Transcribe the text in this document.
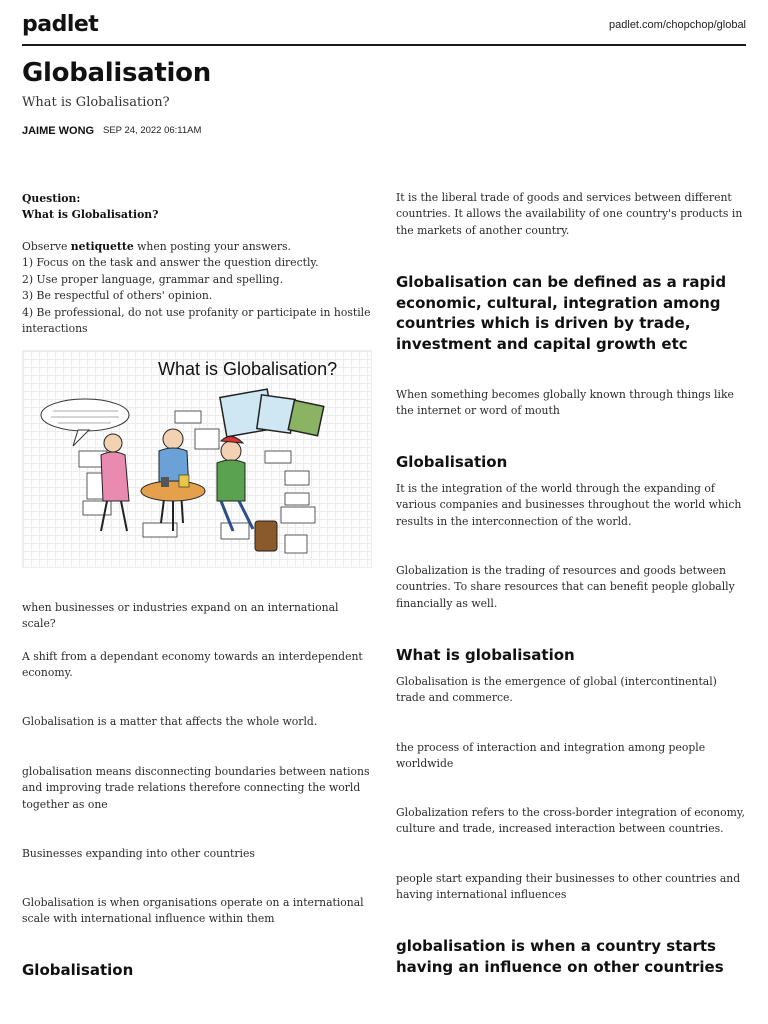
padlet	padlet.com/chopchop/global
Globalisation
What is Globalisation?
JAIME WONG SEP 24, 2022 06:11AM
Question:
What is Globalisation?
Observe netiquette when posting your answers.
1) Focus on the task and answer the question directly.
2) Use proper language, grammar and spelling.
3) Be respectful of others' opinion.
4) Be professional, do not use profanity or participate in hostile interactions
What is Globalisation?
when businesses or industries expand on an international scale?
A shift from a dependant economy towards an interdependent economy.
Globalisation is a matter that affects the whole world.
globalisation means disconnecting boundaries between nations and improving trade relations therefore connecting the world together as one
Businesses expanding into other countries
Globalisation is when organisations operate on a international scale with international influence within them
Globalisation
It is the liberal trade of goods and services between different countries. It allows the availability of one country's products in the markets of another country.
Globalisation can be defined as a rapid economic, cultural, integration among countries which is driven by trade, investment and capital growth etc
When something becomes globally known through things like the internet or word of mouth
Globalisation
It is the integration of the world through the expanding of various companies and businesses throughout the world which results in the interconnection of the world.
Globalization is the trading of resources and goods between countries. To share resources that can benefit people globally financially as well.
What is globalisation
Globalisation is the emergence of global (intercontinental) trade and commerce.
the process of interaction and integration among people worldwide
Globalization refers to the cross-border integration of economy, culture and trade, increased interaction between countries.
people start expanding their businesses to other countries and having international influences
globalisation is when a country starts having an influence on other countries
